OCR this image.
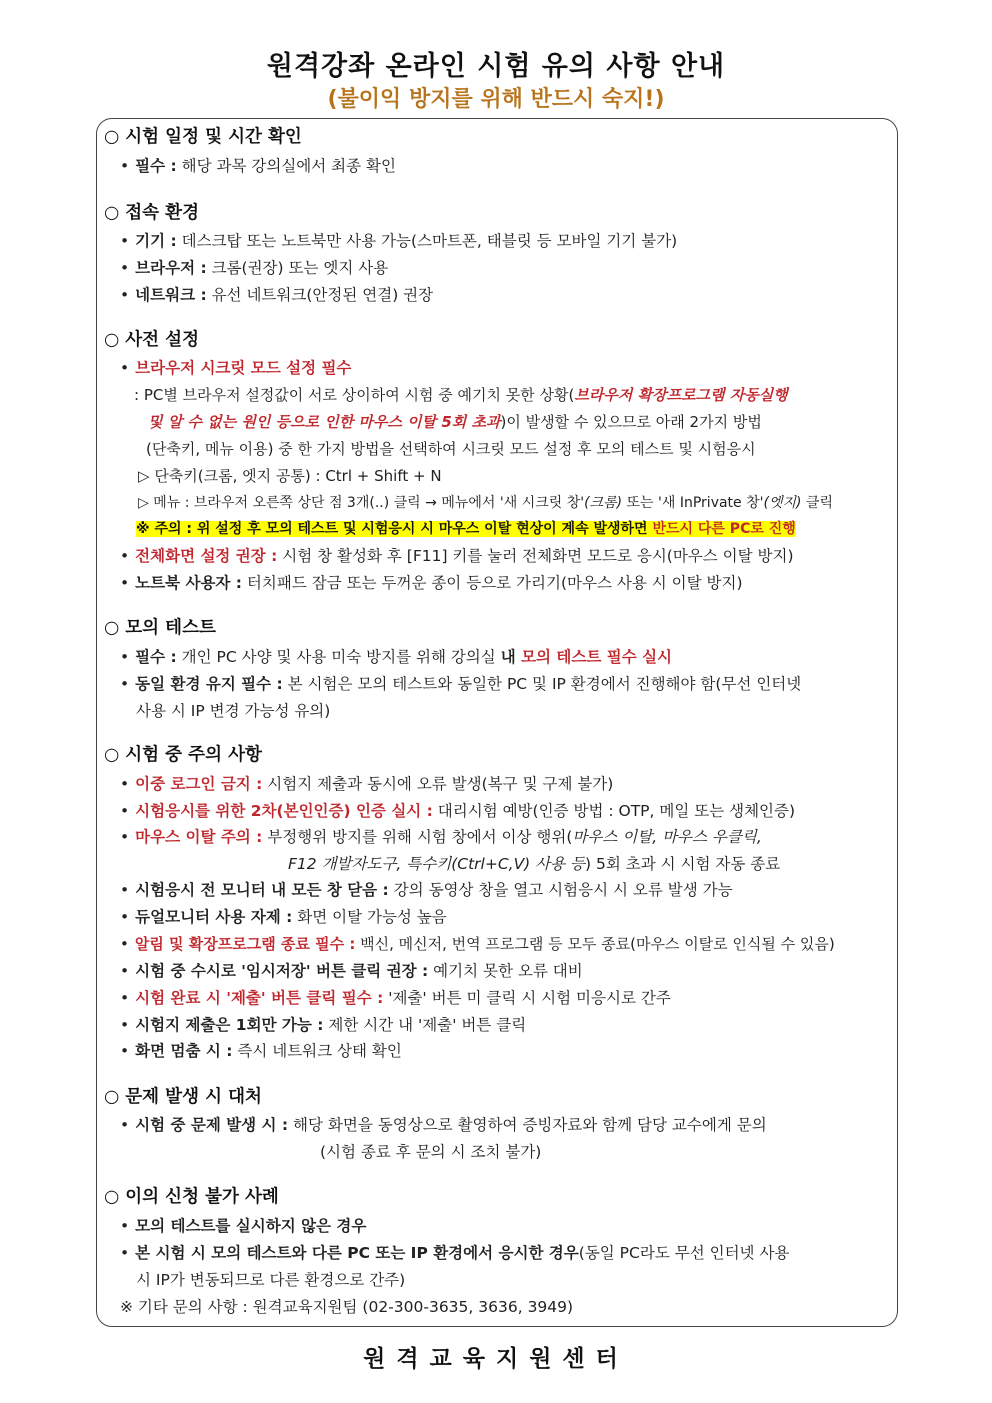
원격강좌 온라인 시험 유의 사항 안내
(불이익 방지를 위해 반드시 숙지!)
○ 시험 일정 및 시간 확인
• 필수 : 해당 과목 강의실에서 최종 확인
○ 접속 환경
• 기기 : 데스크탑 또는 노트북만 사용 가능(스마트폰, 태블릿 등 모바일 기기 불가)
• 브라우저 : 크롬(권장) 또는 엣지 사용
• 네트워크 : 유선 네트워크(안정된 연결) 권장
○ 사전 설정
• 브라우저 시크릿 모드 설정 필수
: PC별 브라우저 설정값이 서로 상이하여 시험 중 예기치 못한 상황(브라우저 확장프로그램 자동실행
및 알 수 없는 원인 등으로 인한 마우스 이탈 5회 초과)이 발생할 수 있으므로 아래 2가지 방법
(단축키, 메뉴 이용) 중 한 가지 방법을 선택하여 시크릿 모드 설정 후 모의 테스트 및 시험응시
▷ 단축키(크롬, 엣지 공통) : Ctrl + Shift + N
▷ 메뉴 : 브라우저 오른쪽 상단 점 3개(..) 클릭 → 메뉴에서 '새 시크릿 창'(크롬) 또는 '새 InPrivate 창'(엣지) 클릭
※ 주의 : 위 설정 후 모의 테스트 및 시험응시 시 마우스 이탈 현상이 계속 발생하면 반드시 다른 PC로 진행
• 전체화면 설정 권장 : 시험 창 활성화 후 [F11] 키를 눌러 전체화면 모드로 응시(마우스 이탈 방지)
• 노트북 사용자 : 터치패드 잠금 또는 두꺼운 종이 등으로 가리기(마우스 사용 시 이탈 방지)
○ 모의 테스트
• 필수 : 개인 PC 사양 및 사용 미숙 방지를 위해 강의실 내 모의 테스트 필수 실시
• 동일 환경 유지 필수 : 본 시험은 모의 테스트와 동일한 PC 및 IP 환경에서 진행해야 함(무선 인터넷
사용 시 IP 변경 가능성 유의)
○ 시험 중 주의 사항
• 이중 로그인 금지 : 시험지 제출과 동시에 오류 발생(복구 및 구제 불가)
• 시험응시를 위한 2차(본인인증) 인증 실시 : 대리시험 예방(인증 방법 : OTP, 메일 또는 생체인증)
• 마우스 이탈 주의 : 부정행위 방지를 위해 시험 창에서 이상 행위(마우스 이탈, 마우스 우클릭,
F12 개발자도구, 특수키(Ctrl+C,V) 사용 등) 5회 초과 시 시험 자동 종료
• 시험응시 전 모니터 내 모든 창 닫음 : 강의 동영상 창을 열고 시험응시 시 오류 발생 가능
• 듀얼모니터 사용 자제 : 화면 이탈 가능성 높음
• 알림 및 확장프로그램 종료 필수 : 백신, 메신저, 번역 프로그램 등 모두 종료(마우스 이탈로 인식될 수 있음)
• 시험 중 수시로 '임시저장' 버튼 클릭 권장 : 예기치 못한 오류 대비
• 시험 완료 시 '제출' 버튼 클릭 필수 : '제출' 버튼 미 클릭 시 시험 미응시로 간주
• 시험지 제출은 1회만 가능 : 제한 시간 내 '제출' 버튼 클릭
• 화면 멈춤 시 : 즉시 네트워크 상태 확인
○ 문제 발생 시 대처
• 시험 중 문제 발생 시 : 해당 화면을 동영상으로 촬영하여 증빙자료와 함께 담당 교수에게 문의
(시험 종료 후 문의 시 조치 불가)
○ 이의 신청 불가 사례
• 모의 테스트를 실시하지 않은 경우
• 본 시험 시 모의 테스트와 다른 PC 또는 IP 환경에서 응시한 경우(동일 PC라도 무선 인터넷 사용
시 IP가 변동되므로 다른 환경으로 간주)
※ 기타 문의 사항 : 원격교육지원팀 (02-300-3635, 3636, 3949)
원격교육지원센터
